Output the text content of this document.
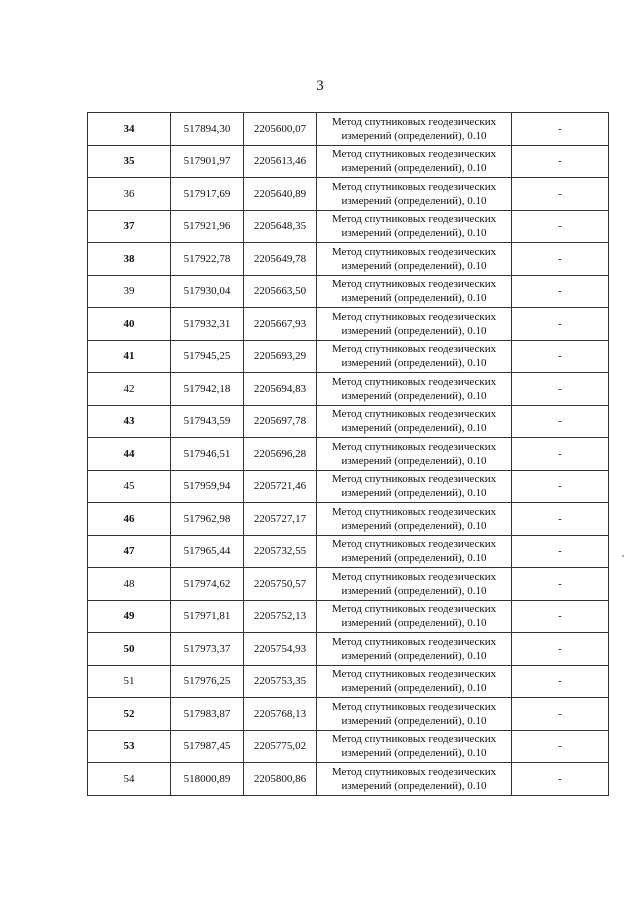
3
34	517894,30	2205600,07	Метод спутниковых геодезических
измерений (определений), 0.10	-
35	517901,97	2205613,46	Метод спутниковых геодезических
измерений (определений), 0.10	-
36	517917,69	2205640,89	Метод спутниковых геодезических
измерений (определений), 0.10	-
37	517921,96	2205648,35	Метод спутниковых геодезических
измерений (определений), 0.10	-
38	517922,78	2205649,78	Метод спутниковых геодезических
измерений (определений), 0.10	-
39	517930,04	2205663,50	Метод спутниковых геодезических
измерений (определений), 0.10	-
40	517932,31	2205667,93	Метод спутниковых геодезических
измерений (определений), 0.10	-
41	517945,25	2205693,29	Метод спутниковых геодезических
измерений (определений), 0.10	-
42	517942,18	2205694,83	Метод спутниковых геодезических
измерений (определений), 0.10	-
43	517943,59	2205697,78	Метод спутниковых геодезических
измерений (определений), 0.10	-
44	517946,51	2205696,28	Метод спутниковых геодезических
измерений (определений), 0.10	-
45	517959,94	2205721,46	Метод спутниковых геодезических
измерений (определений), 0.10	-
46	517962,98	2205727,17	Метод спутниковых геодезических
измерений (определений), 0.10	-
47	517965,44	2205732,55	Метод спутниковых геодезических
измерений (определений), 0.10	-
48	517974,62	2205750,57	Метод спутниковых геодезических
измерений (определений), 0.10	-
49	517971,81	2205752,13	Метод спутниковых геодезических
измерений (определений), 0.10	-
50	517973,37	2205754,93	Метод спутниковых геодезических
измерений (определений), 0.10	-
51	517976,25	2205753,35	Метод спутниковых геодезических
измерений (определений), 0.10	-
52	517983,87	2205768,13	Метод спутниковых геодезических
измерений (определений), 0.10	-
53	517987,45	2205775,02	Метод спутниковых геодезических
измерений (определений), 0.10	-
54	518000,89	2205800,86	Метод спутниковых геодезических
измерений (определений), 0.10	-
